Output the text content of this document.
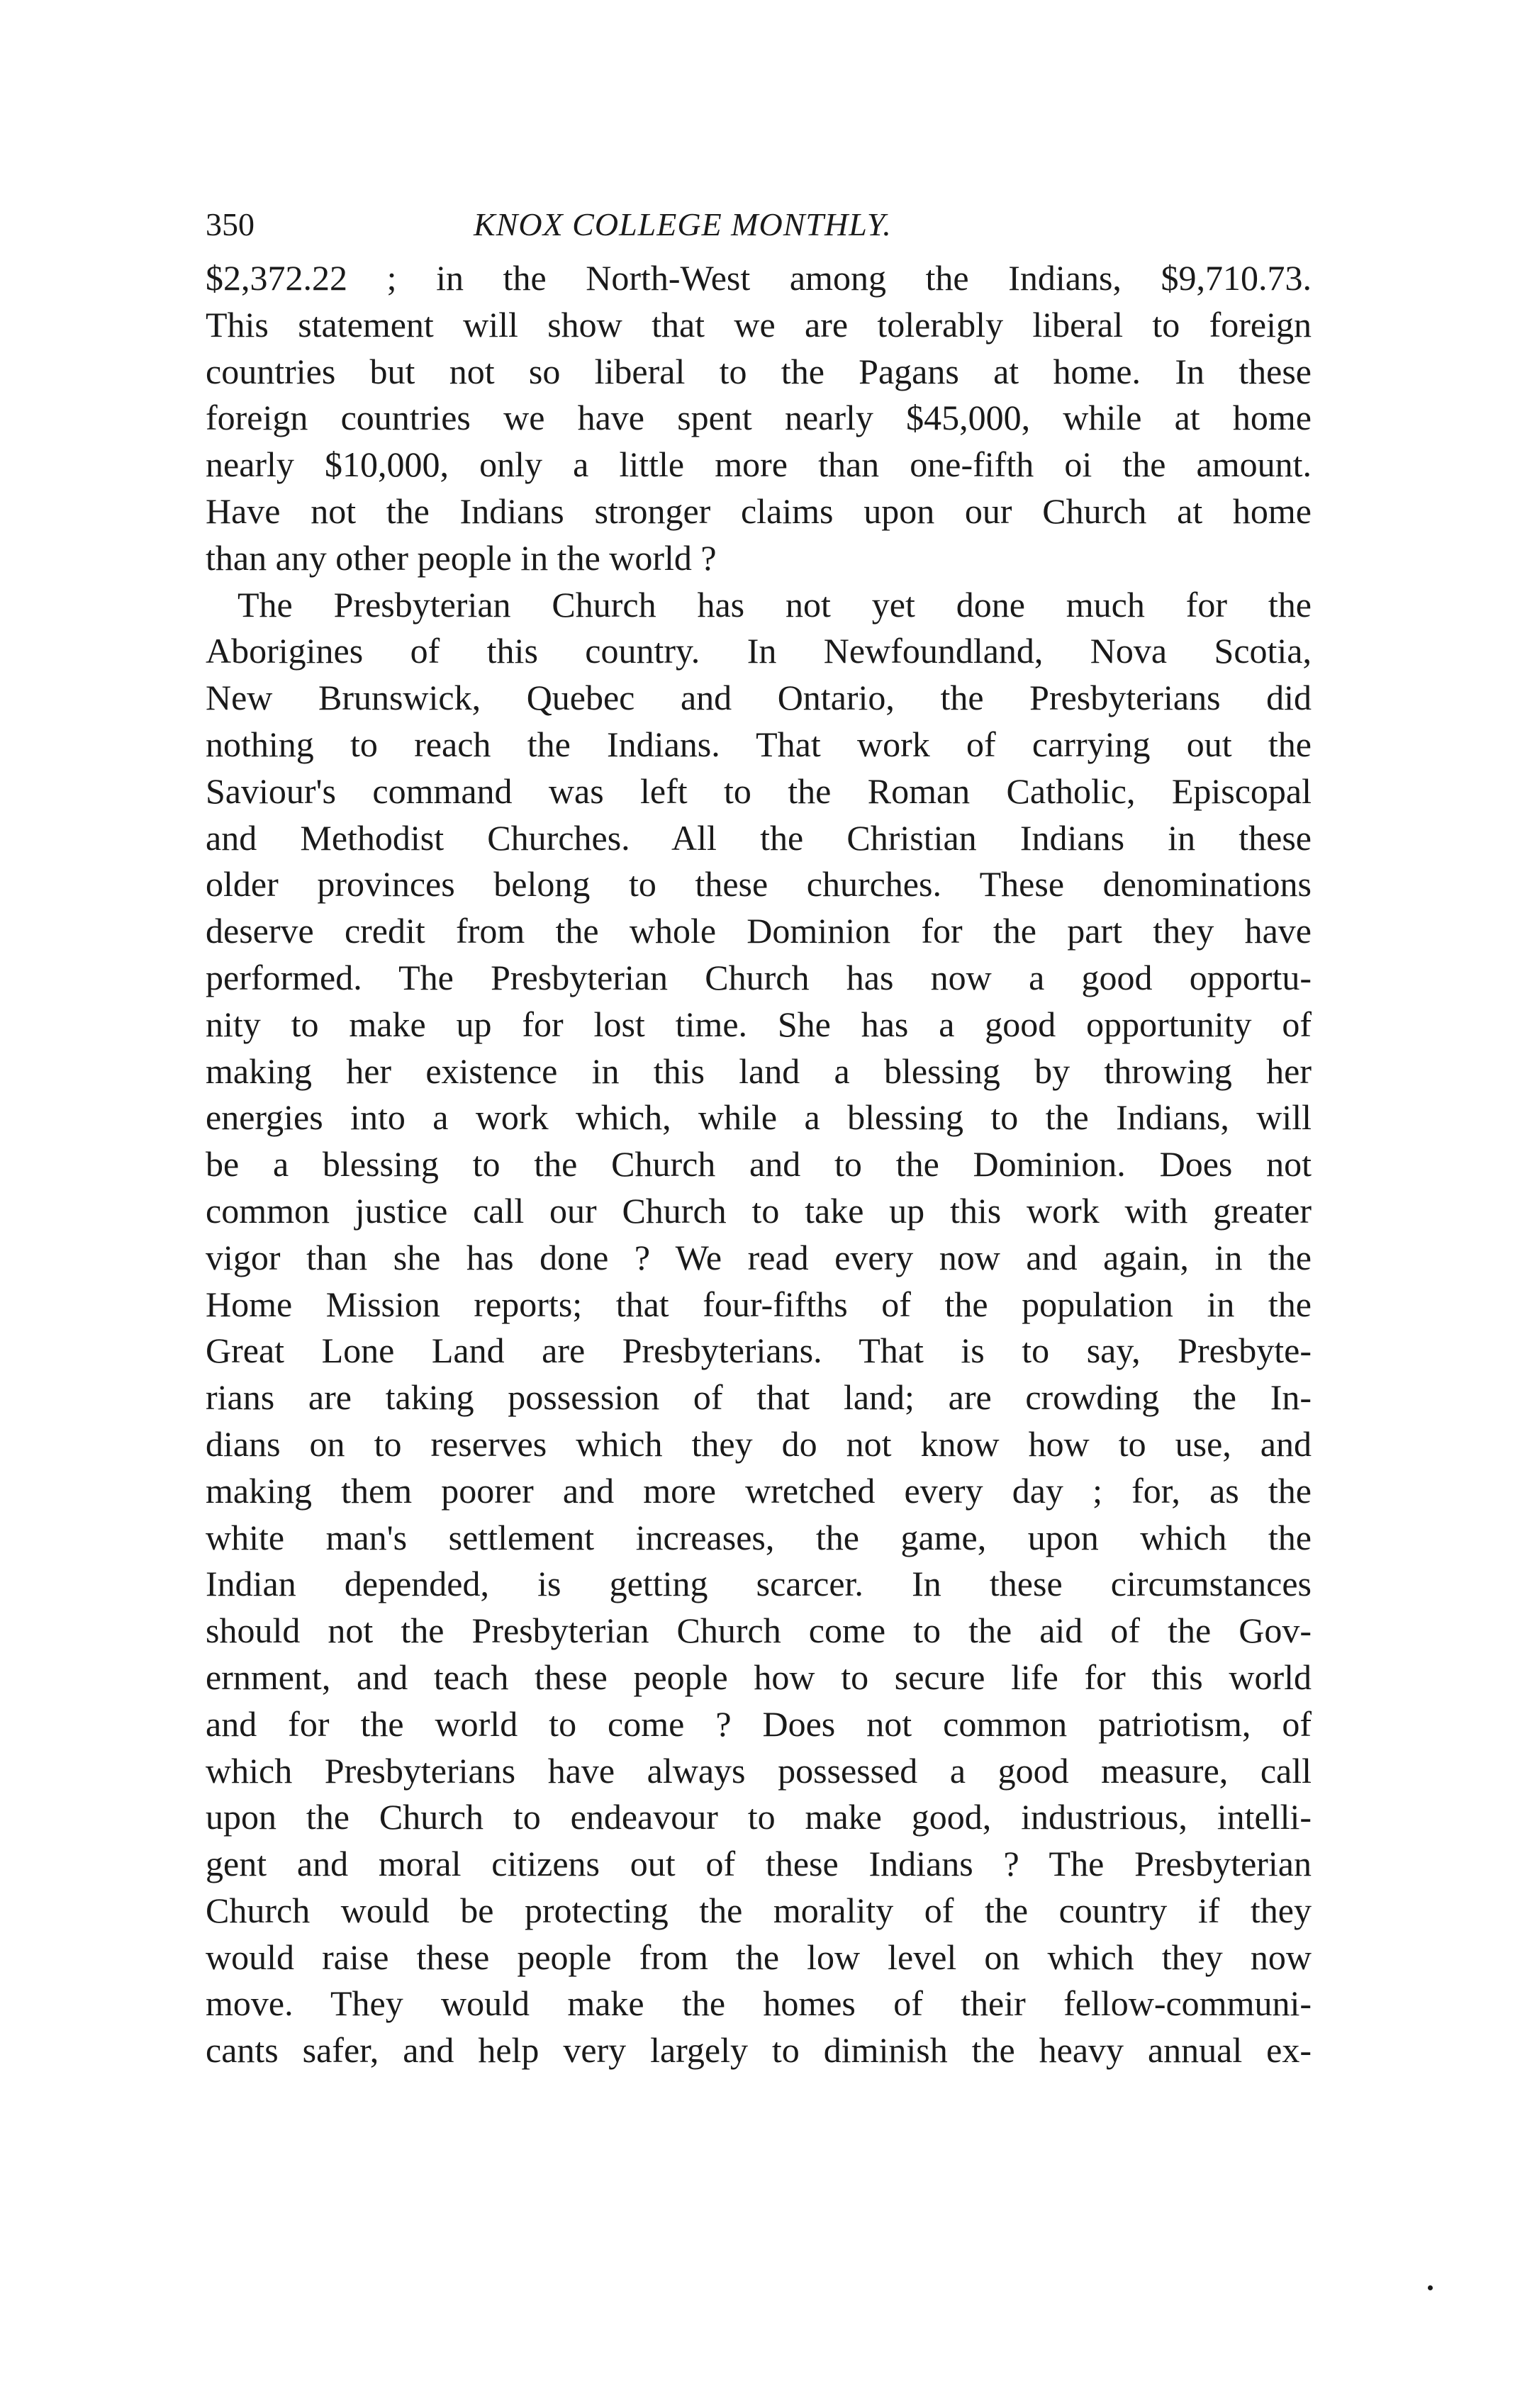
350	KNOX COLLEGE MONTHLY.
$2,372.22 ; in the North-West among the Indians, $9,710.73.
This statement will show that we are tolerably liberal to foreign
countries but not so liberal to the Pagans at home. In these
foreign countries we have spent nearly $45,000, while at home
nearly $10,000, only a little more than one-fifth oi the amount.
Have not the Indians stronger claims upon our Church at home
than any other people in the world ?
The Presbyterian Church has not yet done much for the
Aborigines of this country. In Newfoundland, Nova Scotia,
New Brunswick, Quebec and Ontario, the Presbyterians did
nothing to reach the Indians. That work of carrying out the
Saviour's command was left to the Roman Catholic, Episcopal
and Methodist Churches. All the Christian Indians in these
older provinces belong to these churches. These denominations
deserve credit from the whole Dominion for the part they have
performed. The Presbyterian Church has now a good opportu-
nity to make up for lost time. She has a good opportunity of
making her existence in this land a blessing by throwing her
energies into a work which, while a blessing to the Indians, will
be a blessing to the Church and to the Dominion. Does not
common justice call our Church to take up this work with greater
vigor than she has done ? We read every now and again, in the
Home Mission reports; that four-fifths of the population in the
Great Lone Land are Presbyterians. That is to say, Presbyte-
rians are taking possession of that land; are crowding the In-
dians on to reserves which they do not know how to use, and
making them poorer and more wretched every day ; for, as the
white man's settlement increases, the game, upon which the
Indian depended, is getting scarcer. In these circumstances
should not the Presbyterian Church come to the aid of the Gov-
ernment, and teach these people how to secure life for this world
and for the world to come ? Does not common patriotism, of
which Presbyterians have always possessed a good measure, call
upon the Church to endeavour to make good, industrious, intelli-
gent and moral citizens out of these Indians ? The Presbyterian
Church would be protecting the morality of the country if they
would raise these people from the low level on which they now
move. They would make the homes of their fellow-communi-
cants safer, and help very largely to diminish the heavy annual ex-
